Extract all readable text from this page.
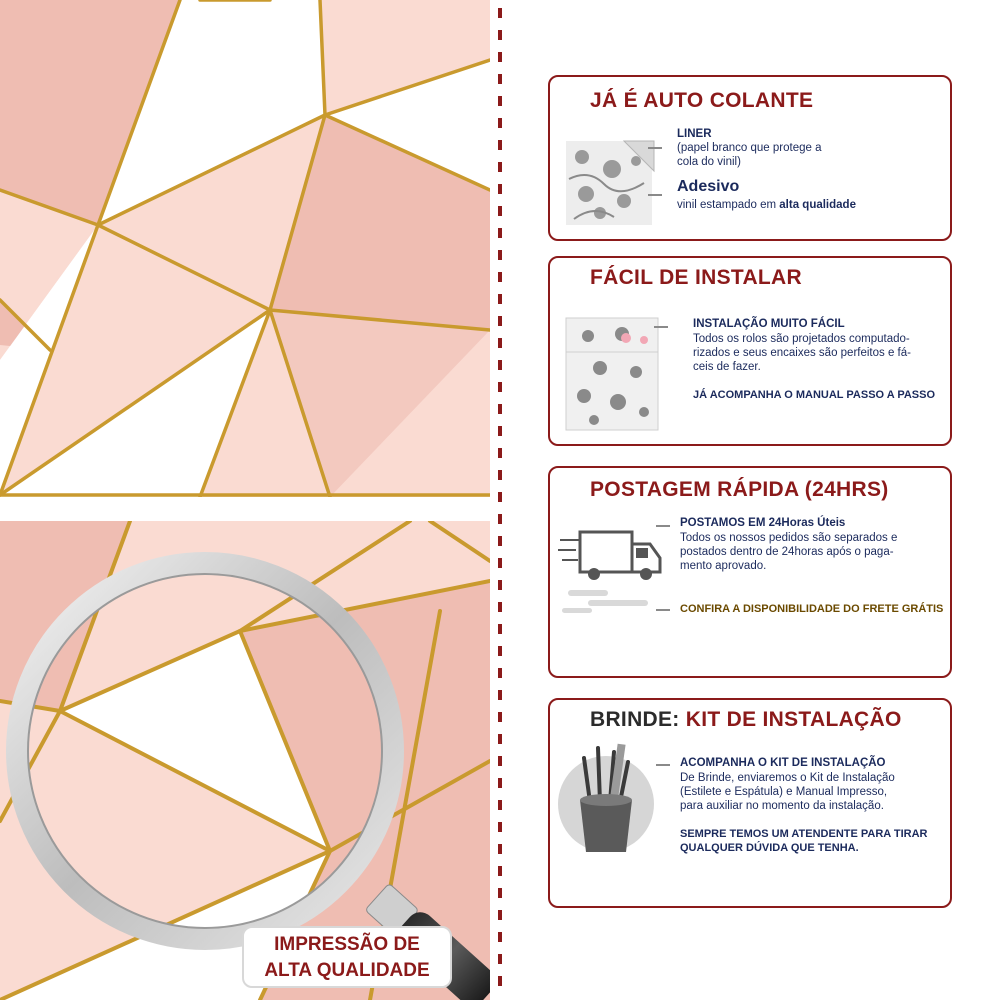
JÁ É AUTO COLANTE
LINER
(papel branco que protege a
cola do vinil)
Adesivo
vinil estampado em alta qualidade
FÁCIL DE INSTALAR
INSTALAÇÃO MUITO FÁCIL
Todos os rolos são projetados computado-
rizados e seus encaixes são perfeitos e fá-
ceis de fazer.
JÁ ACOMPANHA O MANUAL PASSO A PASSO
POSTAGEM RÁPIDA (24HRS)
POSTAMOS EM 24Horas Úteis
Todos os nossos pedidos são separados e
postados dentro de 24horas após o paga-
mento aprovado.
CONFIRA A DISPONIBILIDADE DO FRETE GRÁTIS
BRINDE: KIT DE INSTALAÇÃO
ACOMPANHA O KIT DE INSTALAÇÃO
De Brinde, enviaremos o Kit de Instalação
(Estilete e Espátula) e Manual Impresso,
para auxiliar no momento da instalação.
SEMPRE TEMOS UM ATENDENTE PARA TIRAR
QUALQUER DÚVIDA QUE TENHA.
IMPRESSÃO DE
ALTA QUALIDADE
